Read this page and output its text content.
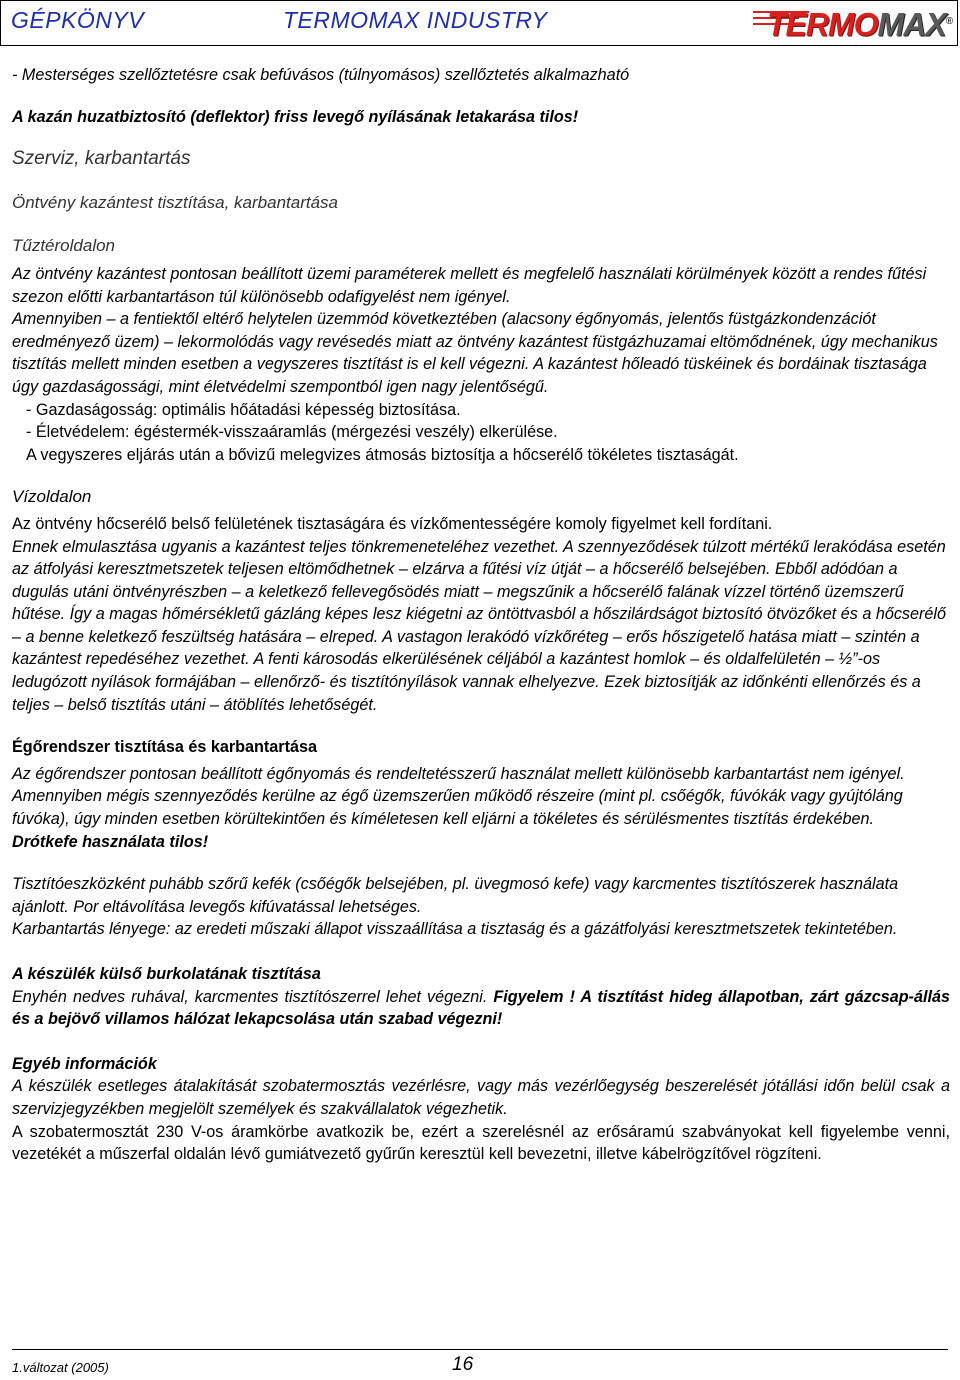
GÉPKÖNYV	TERMOMAX INDUSTRY	TERMOMAX®

- Mesterséges szellőztetésre csak befúvásos (túlnyomásos) szellőztetés alkalmazható

A kazán huzatbiztosító (deflektor) friss levegő nyílásának letakarása tilos!

Szerviz, karbantartás

Öntvény kazántest tisztítása, karbantartása

Tűztéroldalon

Az öntvény kazántest pontosan beállított üzemi paraméterek mellett és megfelelő használati körülmények között a rendes fűtési szezon előtti karbantartáson túl különösebb odafigyelést nem igényel.

Amennyiben – a fentiektől eltérő helytelen üzemmód következtében (alacsony égőnyomás, jelentős füstgázkondenzációt eredményező üzem) – lekormolódás vagy revésedés miatt az öntvény kazántest füstgázhuzamai eltömődnének, úgy mechanikus tisztítás mellett minden esetben a vegyszeres tisztítást is el kell végezni. A kazántest hőleadó tüskéinek és bordáinak tisztasága úgy gazdaságossági, mint életvédelmi szempontból igen nagy jelentőségű.

- Gazdaságosság: optimális hőátadási képesség biztosítása.

- Életvédelem: égéstermék-visszaáramlás (mérgezési veszély) elkerülése.

A vegyszeres eljárás után a bővizű melegvizes átmosás biztosítja a hőcserélő tökéletes tisztaságát.

Vízoldalon

Az öntvény hőcserélő belső felületének tisztaságára és vízkőmentességére komoly figyelmet kell fordítani.

Ennek elmulasztása ugyanis a kazántest teljes tönkremeneteléhez vezethet. A szennyeződések túlzott mértékű lerakódása esetén az átfolyási keresztmetszetek teljesen eltömődhetnek – elzárva a fűtési víz útját – a hőcserélő belsejében. Ebből adódóan a dugulás utáni öntvényrészben – a keletkező fellevegősödés miatt – megszűnik a hőcserélő falának vízzel történő üzemszerű hűtése. Így a magas hőmérsékletű gázláng képes lesz kiégetni az öntöttvasból a hőszilárdságot biztosító ötvözőket és a hőcserélő – a benne keletkező feszültség hatására – elreped. A vastagon lerakódó vízkőréteg – erős hőszigetelő hatása miatt – szintén a kazántest repedéséhez vezethet. A fenti károsodás elkerülésének céljából a kazántest homlok – és oldalfelületén – ½”-os ledugózott nyílások formájában – ellenőrző- és tisztítónyílások vannak elhelyezve. Ezek biztosítják az időnkénti ellenőrzés és a teljes – belső tisztítás utáni – átöblítés lehetőségét.

Égőrendszer tisztítása és karbantartása

Az égőrendszer pontosan beállított égőnyomás és rendeltetésszerű használat mellett különösebb karbantartást nem igényel. Amennyiben mégis szennyeződés kerülne az égő üzemszerűen működő részeire (mint pl. csőégők, fúvókák vagy gyújtóláng fúvóka), úgy minden esetben körültekintően és kíméletesen kell eljárni a tökéletes és sérülésmentes tisztítás érdekében.

Drótkefe használata tilos!

Tisztítóeszközként puhább szőrű kefék (csőégők belsejében, pl. üvegmosó kefe) vagy karcmentes tisztítószerek használata ajánlott. Por eltávolítása levegős kifúvatással lehetséges.

Karbantartás lényege: az eredeti műszaki állapot visszaállítása a tisztaság és a gázátfolyási keresztmetszetek tekintetében.

A készülék külső burkolatának tisztítása

Enyhén nedves ruhával, karcmentes tisztítószerrel lehet végezni. Figyelem ! A tisztítást hideg állapotban, zárt gázcsap-állás és a bejövő villamos hálózat lekapcsolása után szabad végezni!

Egyéb információk

A készülék esetleges átalakítását szobatermosztás vezérlésre, vagy más vezérlőegység beszerelését jótállási időn belül csak a szervizjegyzékben megjelölt személyek és szakvállalatok végezhetik.

A szobatermosztát 230 V-os áramkörbe avatkozik be, ezért a szerelésnél az erősáramú szabványokat kell figyelembe venni, vezetékét a műszerfal oldalán lévő gumiátvezető gyűrűn keresztül kell bevezetni, illetve kábelrögzítővel rögzíteni.

1.változat (2005)	16
